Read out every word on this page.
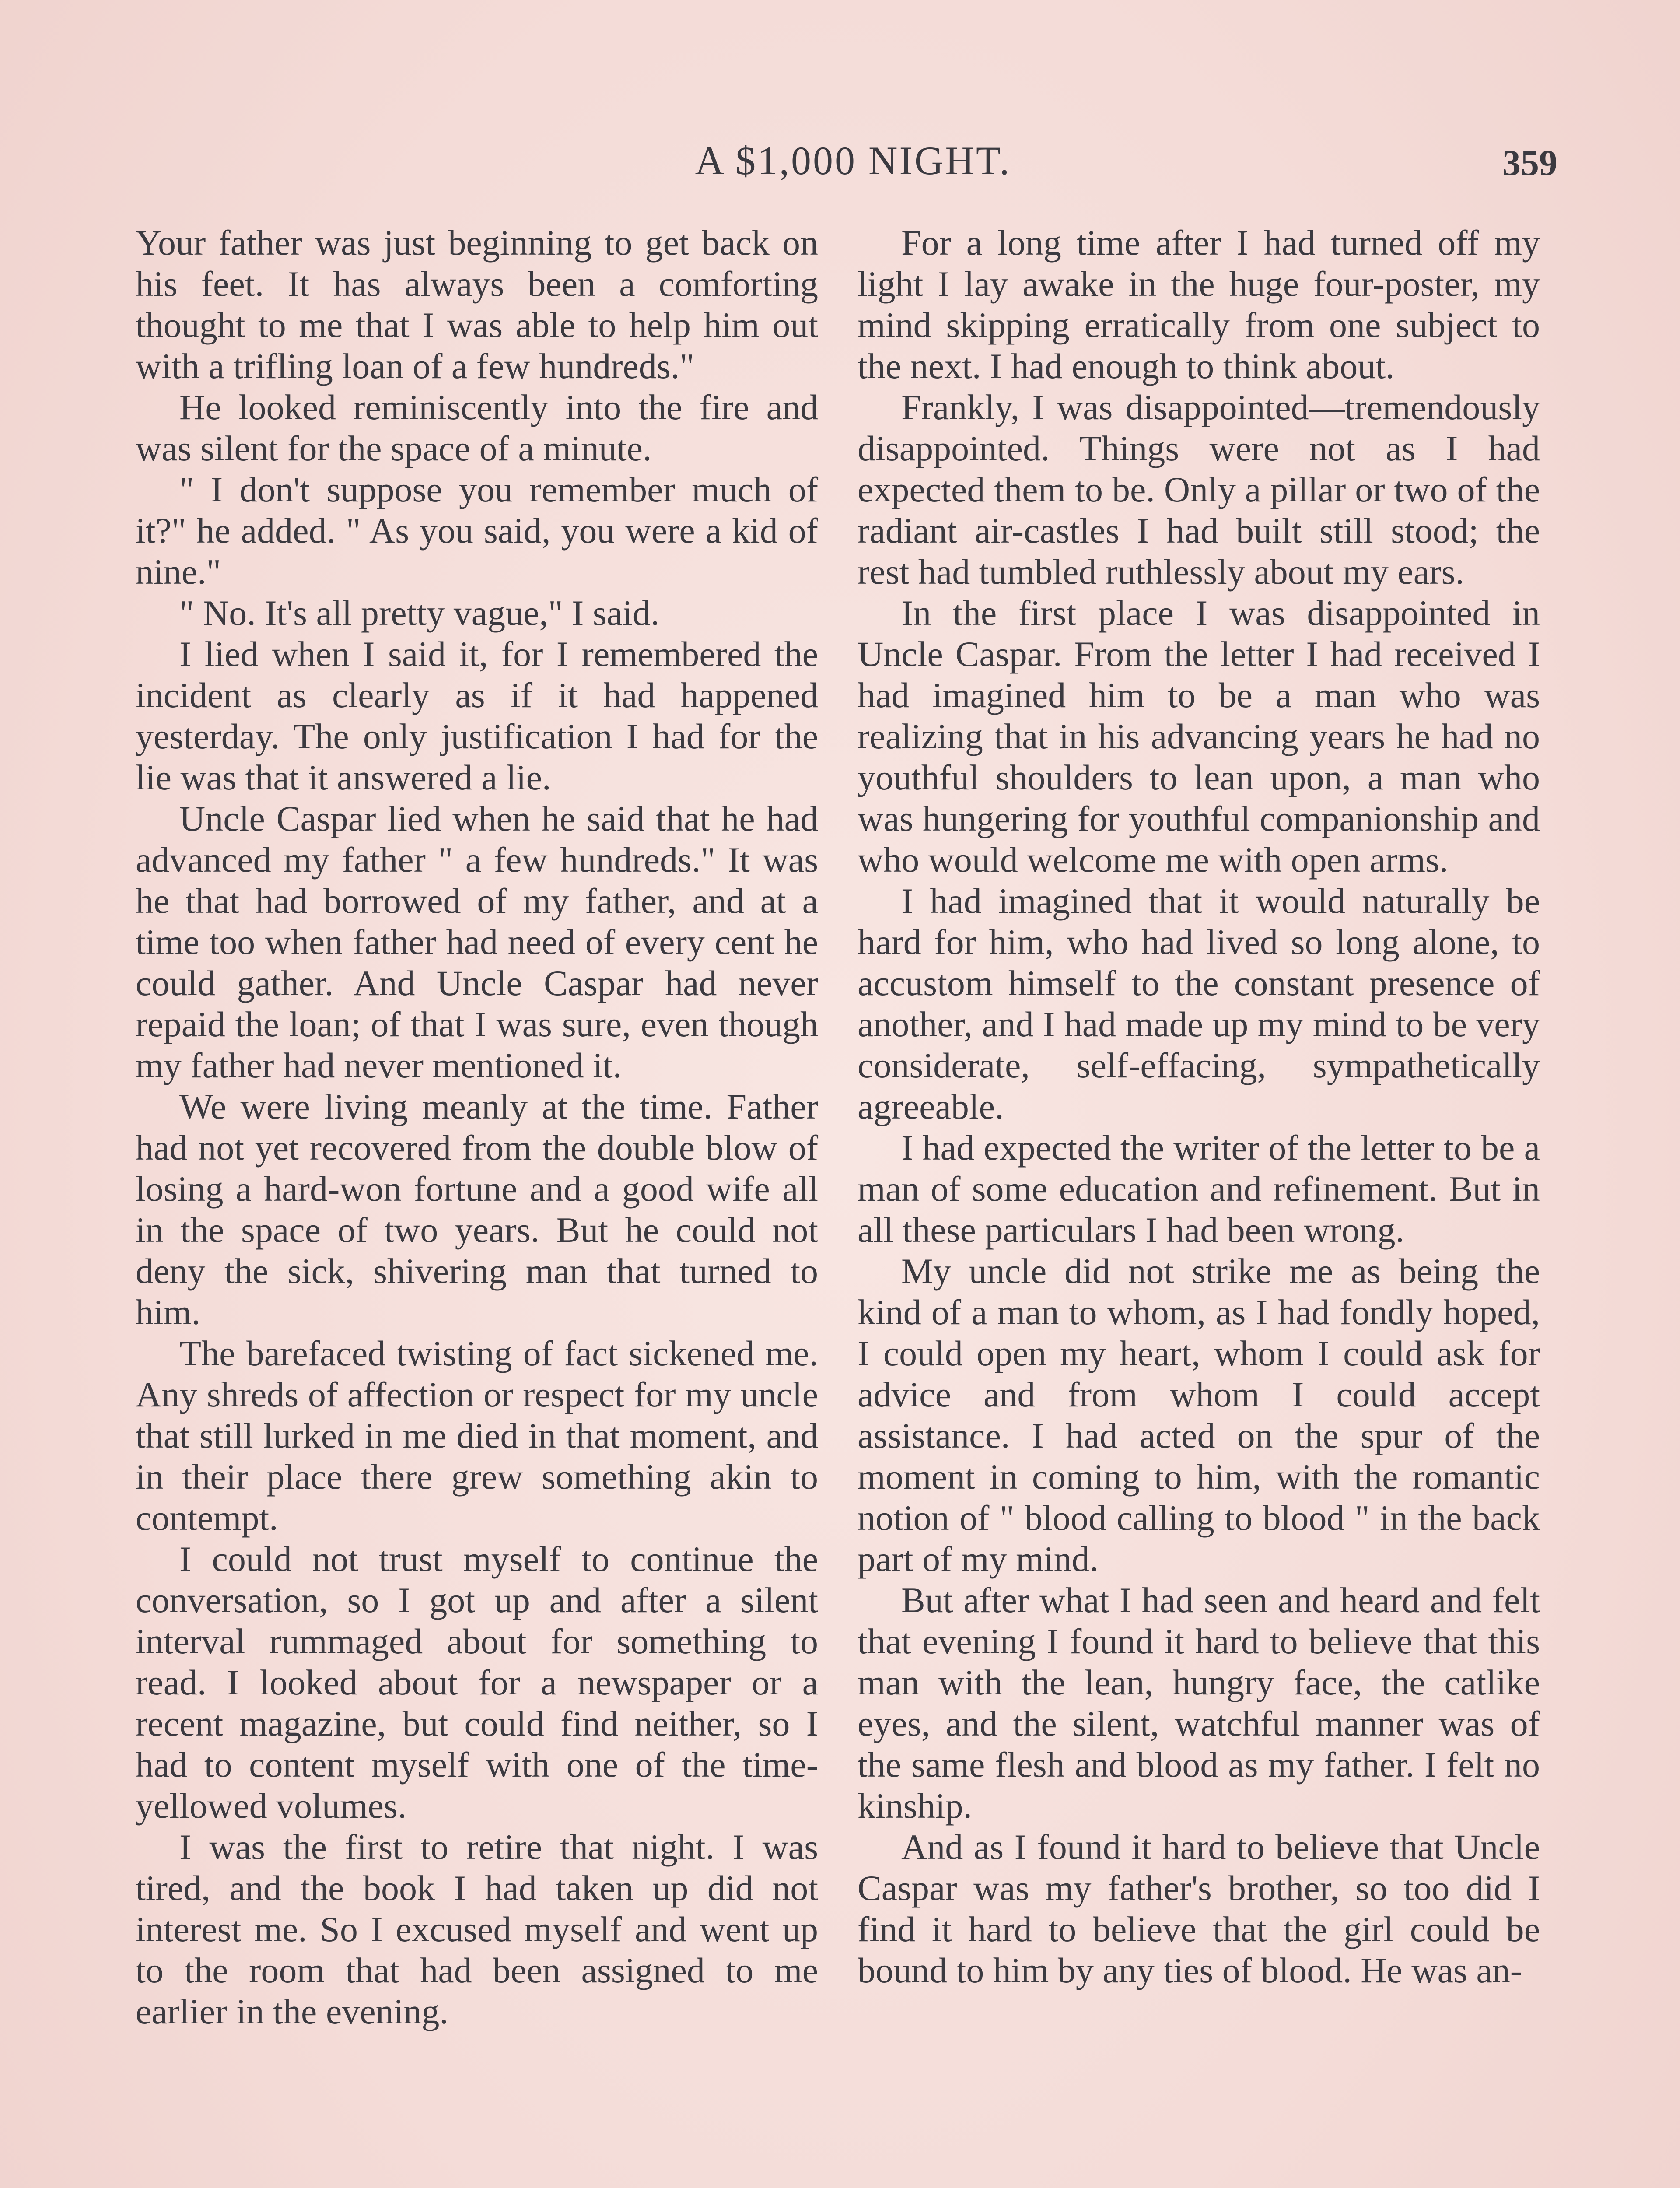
A $1,000 NIGHT.	359

Your father was just beginning to get back on his feet. It has always been a comforting thought to me that I was able to help him out with a trifling loan of a few hundreds."

He looked reminiscently into the fire and was silent for the space of a minute.

" I don't suppose you remember much of it?" he added. " As you said, you were a kid of nine."

" No. It's all pretty vague," I said.

I lied when I said it, for I remembered the incident as clearly as if it had happened yesterday. The only justification I had for the lie was that it answered a lie.

Uncle Caspar lied when he said that he had advanced my father " a few hundreds." It was he that had borrowed of my father, and at a time too when father had need of every cent he could gather. And Uncle Caspar had never repaid the loan; of that I was sure, even though my father had never mentioned it.

We were living meanly at the time. Father had not yet recovered from the double blow of losing a hard-won fortune and a good wife all in the space of two years. But he could not deny the sick, shivering man that turned to him.

The barefaced twisting of fact sickened me. Any shreds of affection or respect for my uncle that still lurked in me died in that moment, and in their place there grew something akin to contempt.

I could not trust myself to continue the conversation, so I got up and after a silent interval rummaged about for something to read. I looked about for a newspaper or a recent magazine, but could find neither, so I had to content myself with one of the time-yellowed volumes.

I was the first to retire that night. I was tired, and the book I had taken up did not interest me. So I excused myself and went up to the room that had been assigned to me earlier in the evening.

For a long time after I had turned off my light I lay awake in the huge four-poster, my mind skipping erratically from one subject to the next. I had enough to think about.

Frankly, I was disappointed—tremendously disappointed. Things were not as I had expected them to be. Only a pillar or two of the radiant air-castles I had built still stood; the rest had tumbled ruthlessly about my ears.

In the first place I was disappointed in Uncle Caspar. From the letter I had received I had imagined him to be a man who was realizing that in his advancing years he had no youthful shoulders to lean upon, a man who was hungering for youthful companionship and who would welcome me with open arms.

I had imagined that it would naturally be hard for him, who had lived so long alone, to accustom himself to the constant presence of another, and I had made up my mind to be very considerate, self-effacing, sympathetically agreeable.

I had expected the writer of the letter to be a man of some education and refinement. But in all these particulars I had been wrong.

My uncle did not strike me as being the kind of a man to whom, as I had fondly hoped, I could open my heart, whom I could ask for advice and from whom I could accept assistance. I had acted on the spur of the moment in coming to him, with the romantic notion of " blood calling to blood " in the back part of my mind.

But after what I had seen and heard and felt that evening I found it hard to believe that this man with the lean, hungry face, the catlike eyes, and the silent, watchful manner was of the same flesh and blood as my father. I felt no kinship.

And as I found it hard to believe that Uncle Caspar was my father's brother, so too did I find it hard to believe that the girl could be bound to him by any ties of blood. He was an-
